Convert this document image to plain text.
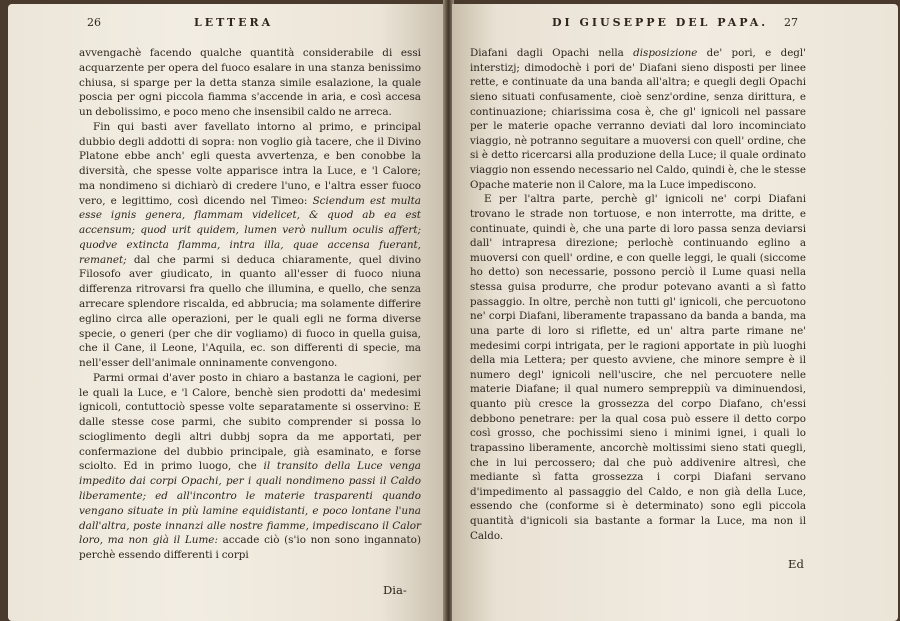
26	LETTERA

avvengachè facendo qualche quantità considerabile di essi acquarzente per opera del fuoco esalare in una stanza benissimo chiusa, si sparge per la detta stanza simile esalazione, la quale poscia per ogni piccola fiamma s'accende in aria, e così accesa un debolissimo, e poco meno che insensibil caldo ne arreca.

Fin qui basti aver favellato intorno al primo, e principal dubbio degli addotti di sopra: non voglio già tacere, che il Divino Platone ebbe anch' egli questa avvertenza, e ben conobbe la diversità, che spesse volte apparisce intra la Luce, e 'l Calore; ma nondimeno si dichiarò di credere l'uno, e l'altra esser fuoco vero, e legittimo, così dicendo nel Timeo: Sciendum est multa esse ignis genera, flammam videlicet, & quod ab ea est accensum; quod urit quidem, lumen verò nullum oculis affert; quodve extincta flamma, intra illa, quae accensa fuerant, remanet; dal che parmi si deduca chiaramente, quel divino Filosofo aver giudicato, in quanto all'esser di fuoco niuna differenza ritrovarsi fra quello che illumina, e quello, che senza arrecare splendore riscalda, ed abbrucia; ma solamente differire eglino circa alle operazioni, per le quali egli ne forma diverse specie, o generi (per che dir vogliamo) di fuoco in quella guisa, che il Cane, il Leone, l'Aquila, ec. son differenti di specie, ma nell'esser dell'animale onninamente convengono.

Parmi ormai d'aver posto in chiaro a bastanza le cagioni, per le quali la Luce, e 'l Calore, benchè sien prodotti da' medesimi ignicoli, contuttociò spesse volte separatamente si osservino: E dalle stesse cose parmi, che subito comprender si possa lo scioglimento degli altri dubbj sopra da me apportati, per confermazione del dubbio principale, già esaminato, e forse sciolto. Ed in primo luogo, che il transito della Luce venga impedito dai corpi Opachi, per i quali nondimeno passi il Caldo liberamente; ed all'incontro le materie trasparenti quando vengano situate in più lamine equidistanti, e poco lontane l'una dall'altra, poste innanzi alle nostre fiamme, impediscano il Calor loro, ma non già il Lume: accade ciò (s'io non sono ingannato) perchè essendo differenti i corpi

Dia-
DI GIUSEPPE DEL PAPA. 27

Diafani dagli Opachi nella disposizione de' pori, e degl' interstizj; dimodochè i pori de' Diafani sieno disposti per linee rette, e continuate da una banda all'altra; e quegli degli Opachi sieno situati confusamente, cioè senz'ordine, senza dirittura, e continuazione; chiarissima cosa è, che gl' ignicoli nel passare per le materie opache verranno deviati dal loro incominciato viaggio, nè potranno seguitare a muoversi con quell' ordine, che si è detto ricercarsi alla produzione della Luce; il quale ordinato viaggio non essendo necessario nel Caldo, quindi è, che le stesse Opache materie non il Calore, ma la Luce impediscono.

E per l'altra parte, perchè gl' ignicoli ne' corpi Diafani trovano le strade non tortuose, e non interrotte, ma dritte, e continuate, quindi è, che una parte di loro passa senza deviarsi dall' intrapresa direzione; perlochè continuando eglino a muoversi con quell' ordine, e con quelle leggi, le quali (siccome ho detto) son necessarie, possono perciò il Lume quasi nella stessa guisa produrre, che produr potevano avanti a sì fatto passaggio. In oltre, perchè non tutti gl' ignicoli, che percuotono ne' corpi Diafani, liberamente trapassano da banda a banda, ma una parte di loro si riflette, ed un' altra parte rimane ne' medesimi corpi intrigata, per le ragioni apportate in più luoghi della mia Lettera; per questo avviene, che minore sempre è il numero degl' ignicoli nell'uscire, che nel percuotere nelle materie Diafane; il qual numero sempreppiù va diminuendosi, quanto più cresce la grossezza del corpo Diafano, ch'essi debbono penetrare: per la qual cosa può essere il detto corpo così grosso, che pochissimi sieno i minimi ignei, i quali lo trapassino liberamente, ancorchè moltissimi sieno stati quegli, che in lui percossero; dal che può addivenire altresì, che mediante sì fatta grossezza i corpi Diafani servano d'impedimento al passaggio del Caldo, e non già della Luce, essendo che (conforme si è determinato) sono egli piccola quantità d'ignicoli sia bastante a formar la Luce, ma non il Caldo.

Ed
